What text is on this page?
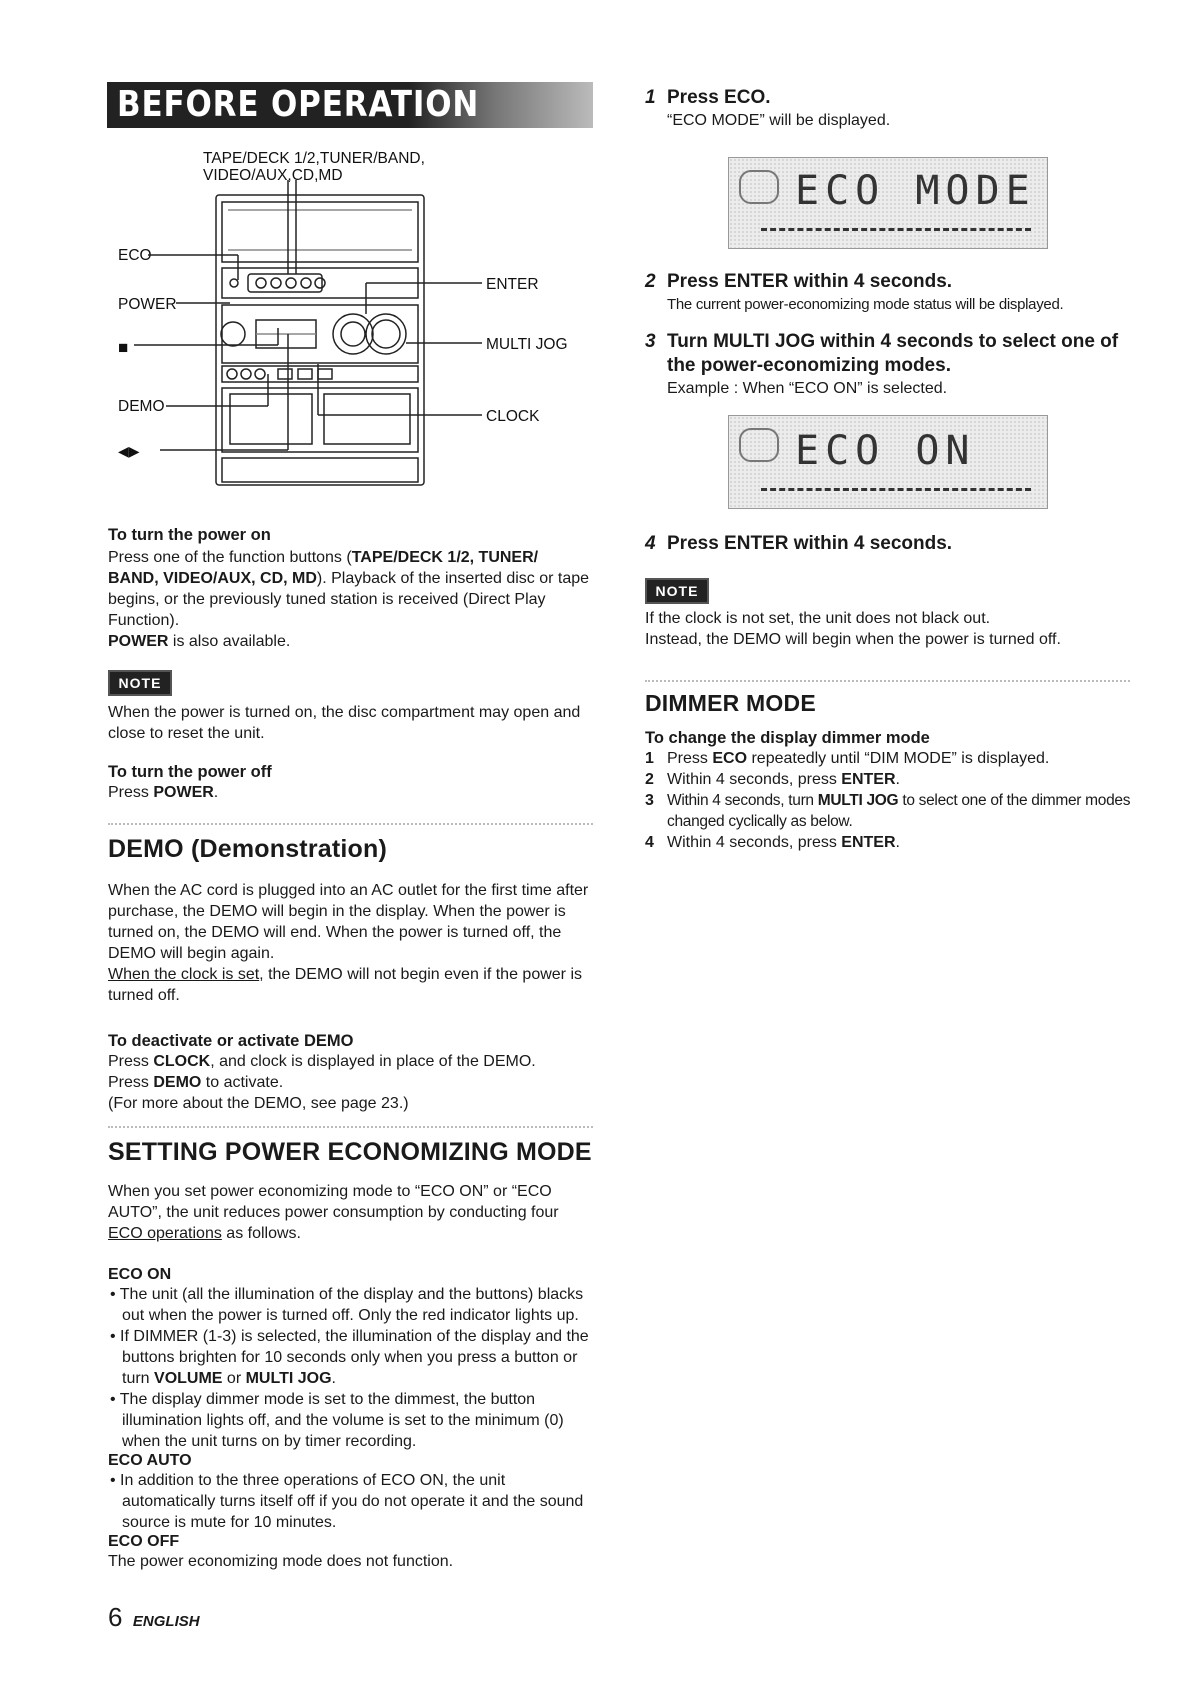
BEFORE OPERATION
TAPE/DECK 1/2,TUNER/BAND,
VIDEO/AUX,CD,MD
ECO
POWER
■
DEMO
◀▶
ENTER
MULTI JOG
CLOCK

To turn the power on

Press one of the function buttons (TAPE/DECK 1/2, TUNER/ BAND, VIDEO/AUX, CD, MD). Playback of the inserted disc or tape begins, or the previously tuned station is received (Direct Play Function).
POWER is also available.

NOTE

When the power is turned on, the disc compartment may open and close to reset the unit.

To turn the power off

Press POWER.

DEMO (Demonstration)

When the AC cord is plugged into an AC outlet for the first time after purchase, the DEMO will begin in the display. When the power is turned on, the DEMO will end. When the power is turned off, the DEMO will begin again.

When the clock is set, the DEMO will not begin even if the power is turned off.

To deactivate or activate DEMO

Press CLOCK, and clock is displayed in place of the DEMO.
Press DEMO to activate.
(For more about the DEMO, see page 23.)

SETTING POWER ECONOMIZING MODE

When you set power economizing mode to “ECO ON” or “ECO AUTO”, the unit reduces power consumption by conducting four ECO operations as follows.

ECO ON

• The unit (all the illumination of the display and the buttons) blacks out when the power is turned off. Only the red indicator lights up.

• If DIMMER (1-3) is selected, the illumination of the display and the buttons brighten for 10 seconds only when you press a button or turn VOLUME or MULTI JOG.

• The display dimmer mode is set to the dimmest, the button illumination lights off, and the volume is set to the minimum (0) when the unit turns on by timer recording.

ECO AUTO

• In addition to the three operations of ECO ON, the unit automatically turns itself off if you do not operate it and the sound source is mute for 10 minutes.

ECO OFF

The power economizing mode does not function.

6 ENGLISH

1 Press ECO.

“ECO MODE” will be displayed.

ECO MODE

2 Press ENTER within 4 seconds.

The current power-economizing mode status will be displayed.

3 Turn MULTI JOG within 4 seconds to select one of the power-economizing modes.

Example : When “ECO ON” is selected.

ECO ON

4 Press ENTER within 4 seconds.

NOTE

If the clock is not set, the unit does not black out.

Instead, the DEMO will begin when the power is turned off.

DIMMER MODE

To change the display dimmer mode

1 Press ECO repeatedly until “DIM MODE” is displayed.
2 Within 4 seconds, press ENTER.
3 Within 4 seconds, turn MULTI JOG to select one of the dimmer modes changed cyclically as below.
4 Within 4 seconds, press ENTER.
